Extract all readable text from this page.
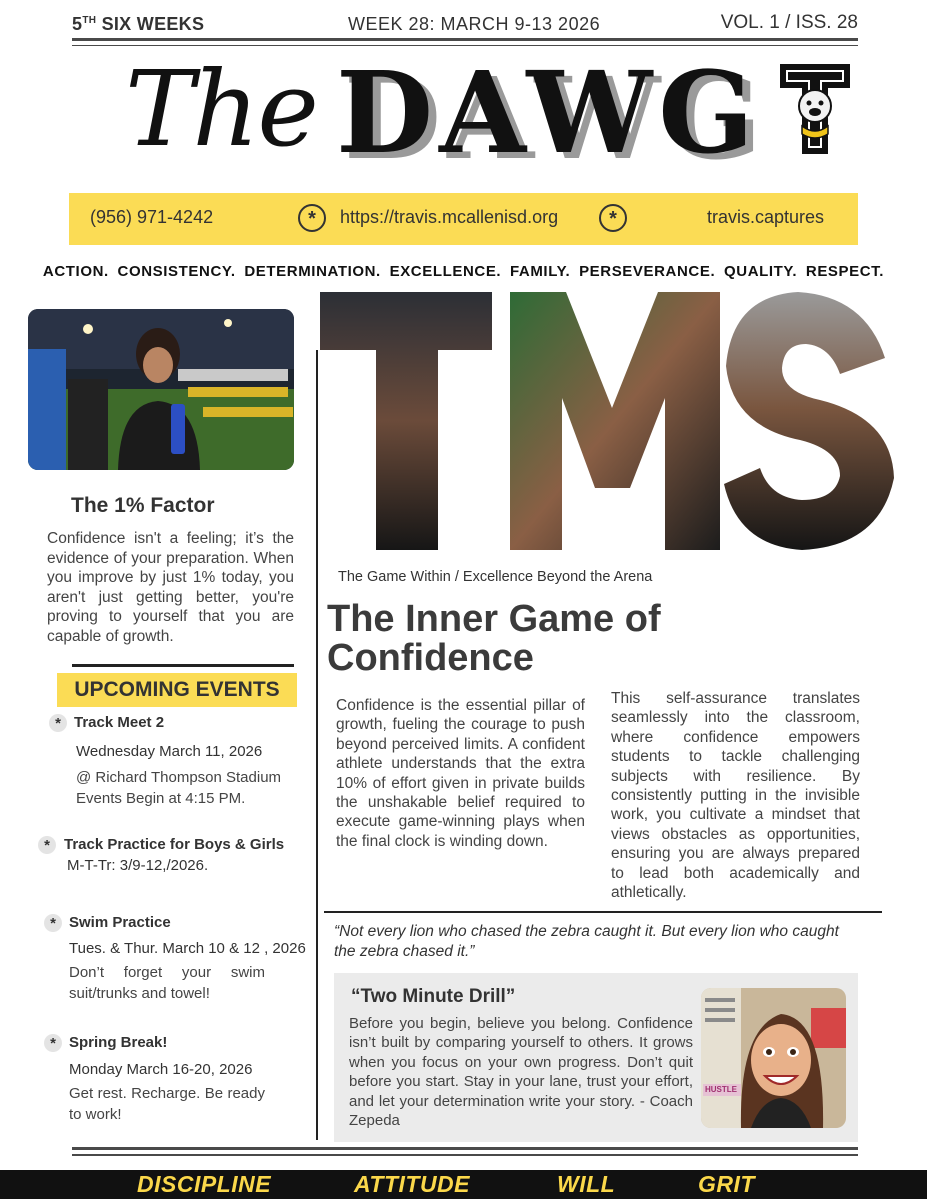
5TH SIX WEEKS	WEEK 28: MARCH 9-13 2026	VOL. 1 / ISS. 28
The DAWG
(956) 971-4242	*	https://travis.mcallenisd.org	*	travis.captures
ACTION. CONSISTENCY. DETERMINATION. EXCELLENCE. FAMILY. PERSEVERANCE. QUALITY. RESPECT.
The 1% Factor
Confidence isn't a feeling; it’s the evidence of your preparation. When you improve by just 1% today, you aren't just getting better, you're proving to yourself that you are capable of growth.
UPCOMING EVENTS
* Track Meet 2
Wednesday March 11, 2026
@ Richard Thompson Stadium
Events Begin at 4:15 PM.
* Track Practice for Boys & Girls
M-T-Tr: 3/9-12,/2026.
* Swim Practice
Tues. & Thur. March 10 & 12 , 2026
Don’t forget your swim suit/trunks and towel!
* Spring Break!
Monday March 16-20, 2026
Get rest. Recharge. Be ready to work!
The Game Within / Excellence Beyond the Arena
The Inner Game of
Confidence
Confidence is the essential pillar of growth, fueling the courage to push beyond perceived limits. A confident athlete understands that the extra 10% of effort given in private builds the unshakable belief required to execute game-winning plays when the final clock is winding down.
This self-assurance translates seamlessly into the classroom, where confidence empowers students to tackle challenging subjects with resilience. By consistently putting in the invisible work, you cultivate a mindset that views obstacles as opportunities, ensuring you are always prepared to lead both academically and athletically.
“Not every lion who chased the zebra caught it. But every lion who caught the zebra chased it.”
“Two Minute Drill”
Before you begin, believe you belong. Confidence isn’t built by comparing yourself to others. It grows when you focus on your own progress. Don’t quit before you start. Stay in your lane, trust your effort, and let your determination write your story. - Coach Zepeda
HUSTLE
DISCIPLINE	ATTITUDE	WILL	GRIT
